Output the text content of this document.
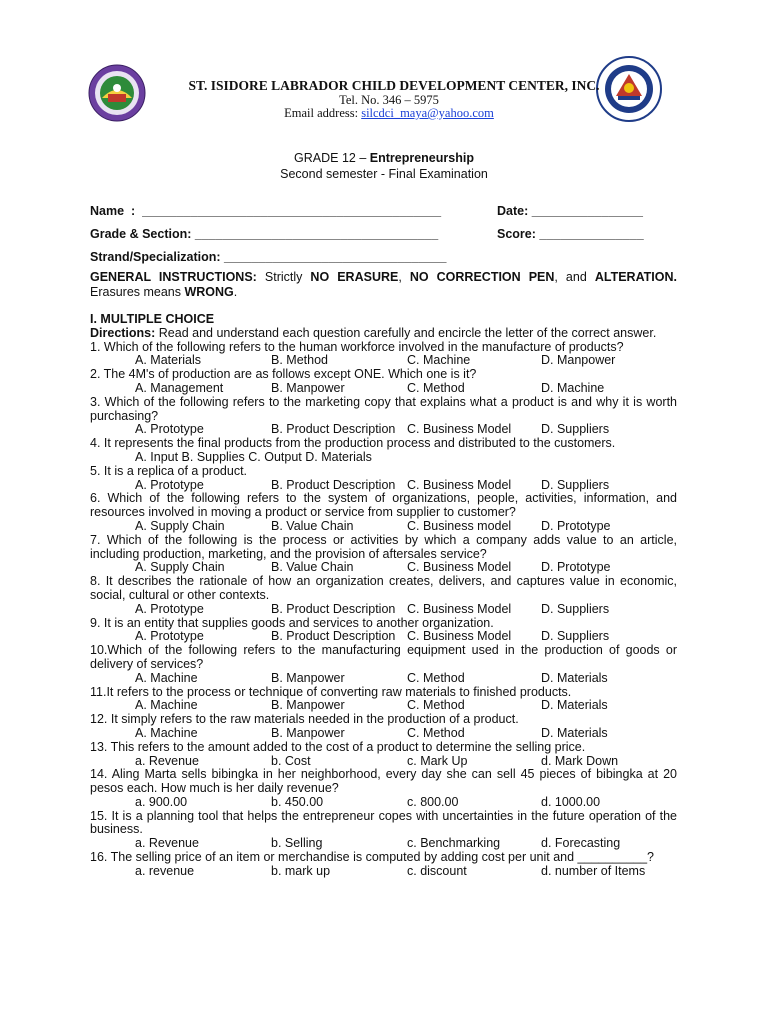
ST. ISIDORE LABRADOR CHILD DEVELOPMENT CENTER, INC.
Tel. No. 346 – 5975
Email address: silcdci_maya@yahoo.com
GRADE 12 – Entrepreneurship
Second semester - Final Examination
Name  :  ___________________________________________	Date: ________________
Grade & Section: ___________________________________	Score: _______________
Strand/Specialization: ________________________________
GENERAL INSTRUCTIONS: Strictly NO ERASURE, NO CORRECTION PEN, and ALTERATION. Erasures means WRONG.
I. MULTIPLE CHOICE
Directions: Read and understand each question carefully and encircle the letter of the correct answer.
1. Which of the following refers to the human workforce involved in the manufacture of products?
A. Materials	B. Method	C. Machine	D. Manpower
2. The 4M's of production are as follows except ONE. Which one is it?
A. Management	B. Manpower	C. Method	D. Machine
3. Which of the following refers to the marketing copy that explains what a product is and why it is worth purchasing?
A. Prototype	B. Product Description C. Business Model D. Suppliers
4. It represents the final products from the production process and distributed to the customers.
A. Input B. Supplies C. Output D. Materials
5. It is a replica of a product.
A. Prototype	B. Product Description C. Business Model D. Suppliers
6. Which of the following refers to the system of organizations, people, activities, information, and resources involved in moving a product or service from supplier to customer?
A. Supply Chain	B. Value Chain	C. Business model D. Prototype
7. Which of the following is the process or activities by which a company adds value to an article, including production, marketing, and the provision of aftersales service?
A. Supply Chain	B. Value Chain	C. Business Model D. Prototype
8. It describes the rationale of how an organization creates, delivers, and captures value in economic, social, cultural or other contexts.
A. Prototype	B. Product Description C. Business Model D. Suppliers
9. It is an entity that supplies goods and services to another organization.
A. Prototype	B. Product Description C. Business Model D. Suppliers
10.Which of the following refers to the manufacturing equipment used in the production of goods or delivery of services?
A. Machine	B. Manpower	C. Method	D. Materials
11.It refers to the process or technique of converting raw materials to finished products.
A. Machine	B. Manpower	C. Method	D. Materials
12. It simply refers to the raw materials needed in the production of a product.
A. Machine	B. Manpower	C. Method	D. Materials
13. This refers to the amount added to the cost of a product to determine the selling price.
a. Revenue	b. Cost	c. Mark Up	d. Mark Down
14. Aling Marta sells bibingka in her neighborhood, every day she can sell 45 pieces of bibingka at 20 pesos each. How much is her daily revenue?
a. 900.00	b. 450.00	c. 800.00	d. 1000.00
15. It is a planning tool that helps the entrepreneur copes with uncertainties in the future operation of the business.
a. Revenue	b. Selling	c. Benchmarking	d. Forecasting
16. The selling price of an item or merchandise is computed by adding cost per unit and __________?
a. revenue	b. mark up	c. discount	d. number of Items
